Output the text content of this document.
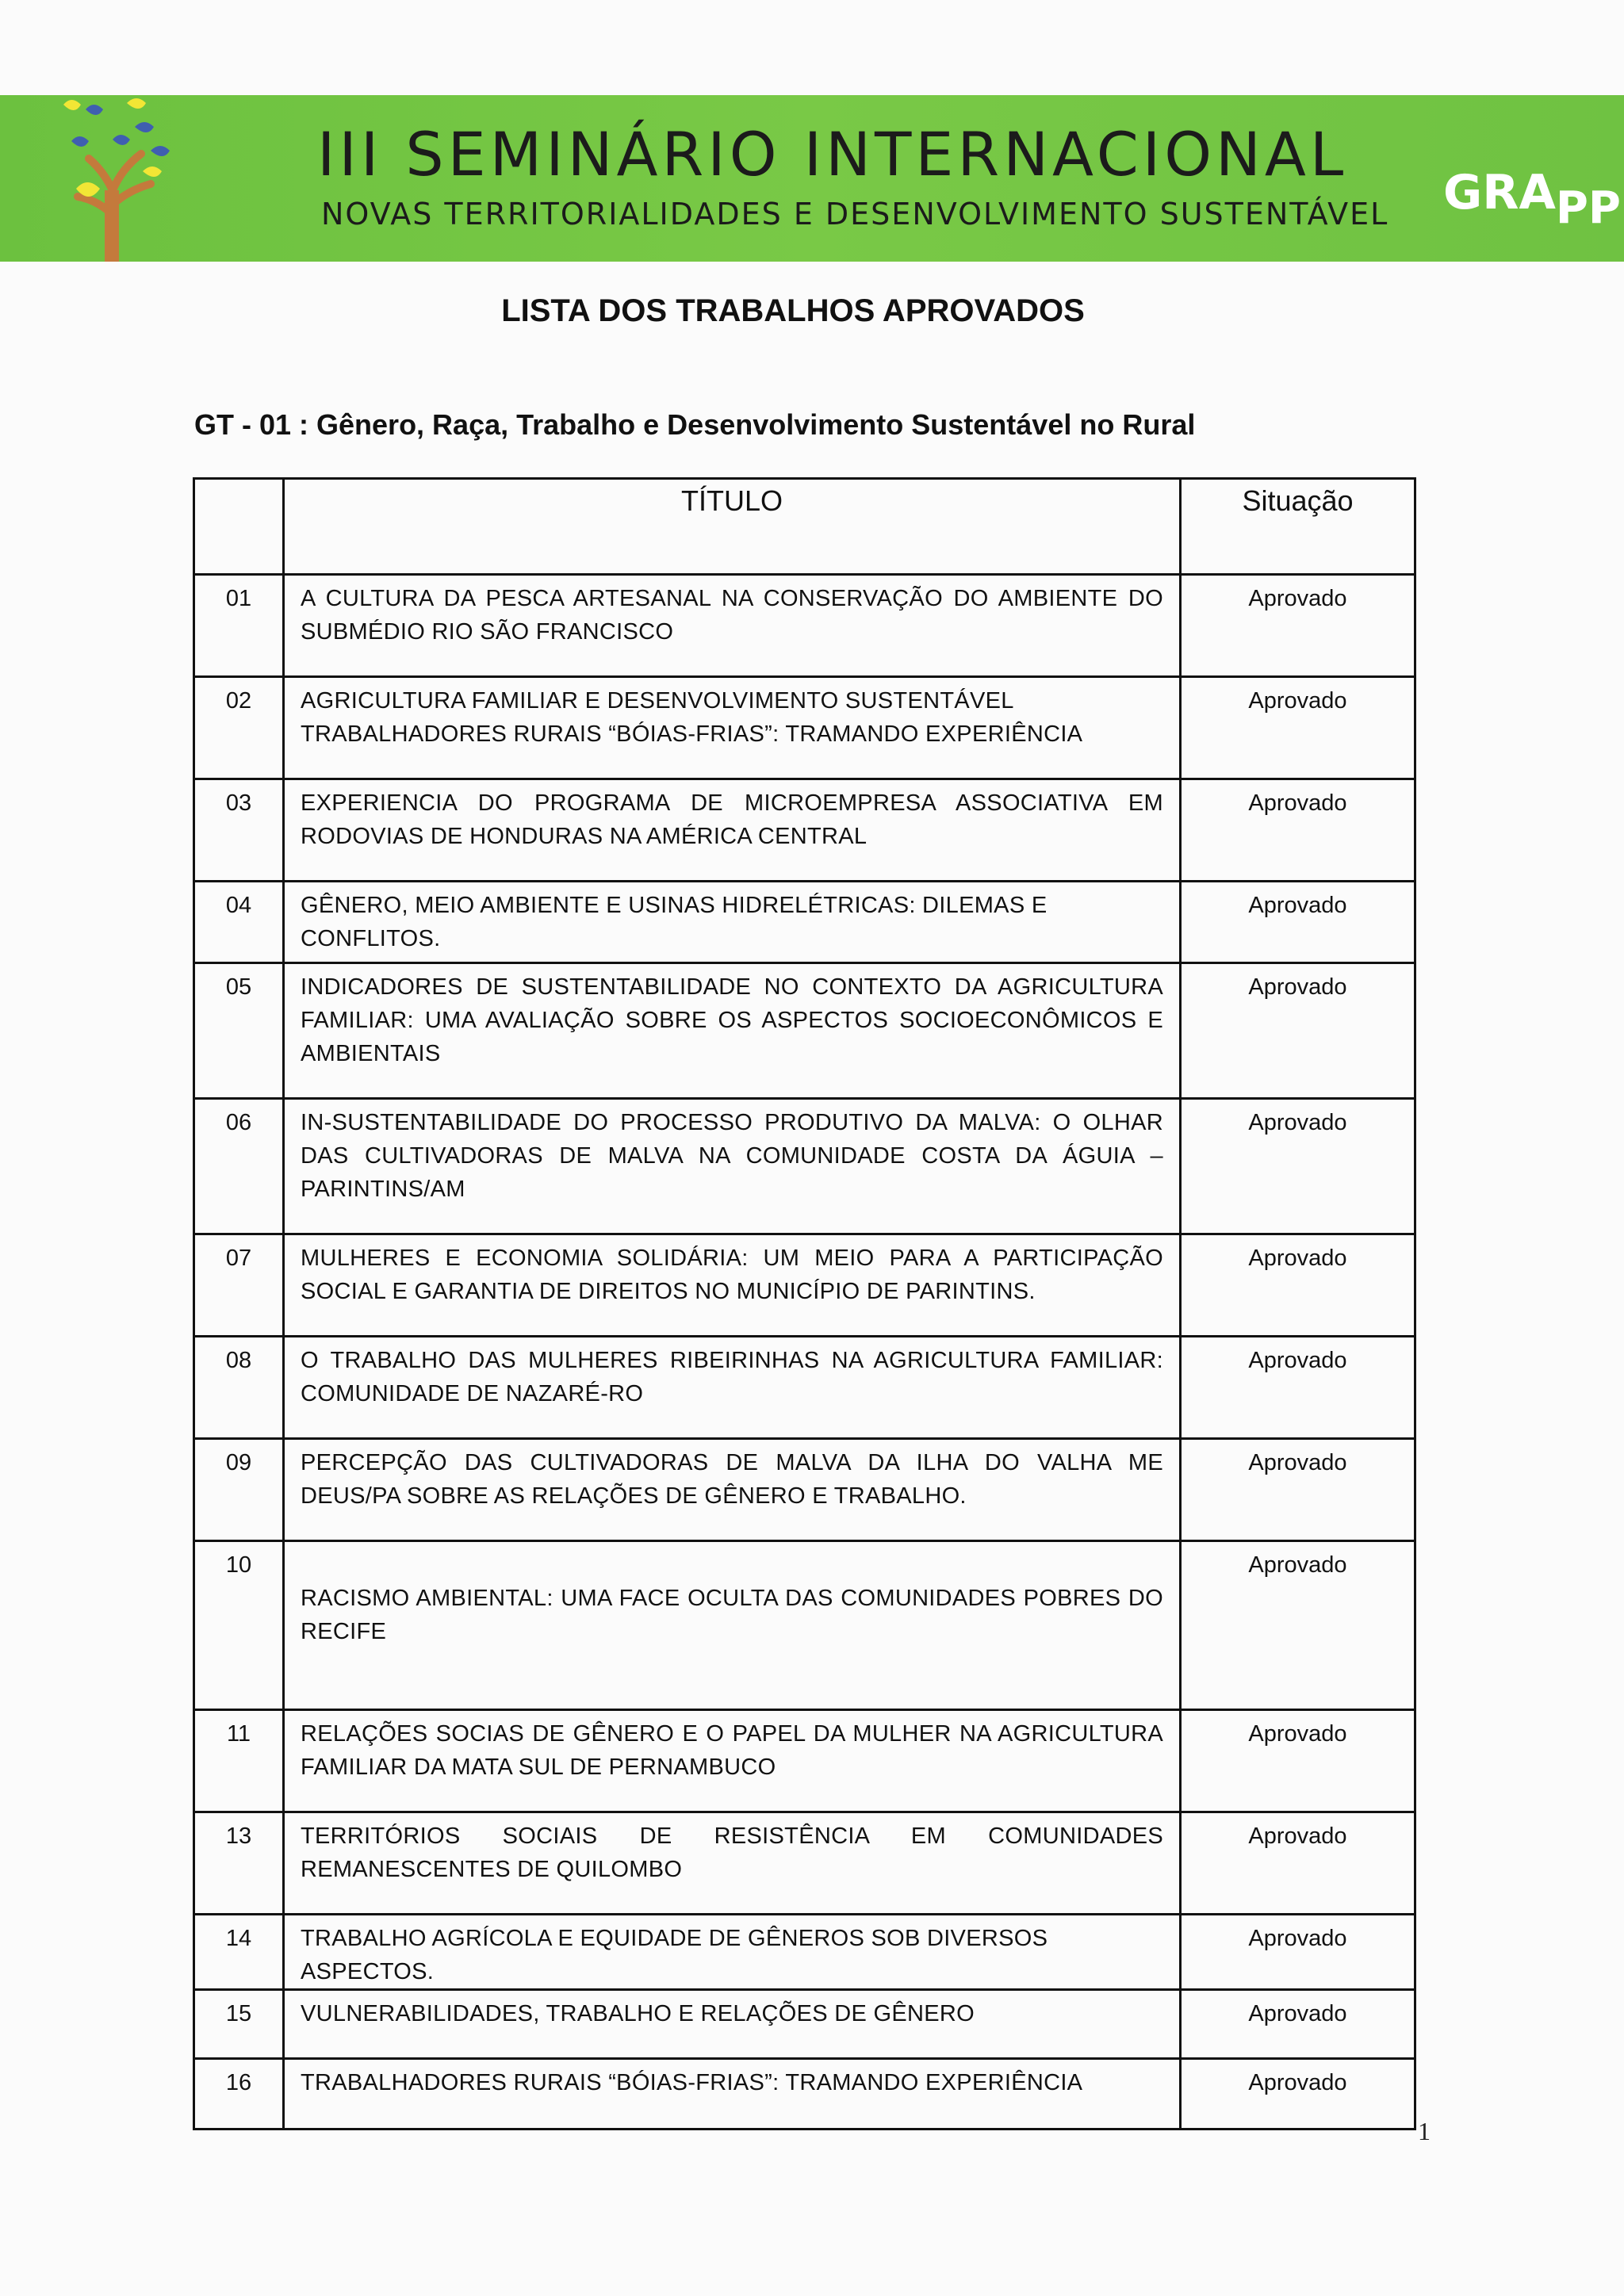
III SEMINÁRIO INTERNACIONAL
NOVAS TERRITORIALIDADES E DESENVOLVIMENTO SUSTENTÁVEL GRAPP
LISTA DOS TRABALHOS APROVADOS
GT - 01 : Gênero, Raça, Trabalho e Desenvolvimento Sustentável no Rural
	TÍTULO	Situação
01	A CULTURA DA PESCA ARTESANAL NA CONSERVAÇÃO DO AMBIENTE DO SUBMÉDIO RIO SÃO FRANCISCO	Aprovado
02	AGRICULTURA FAMILIAR E DESENVOLVIMENTO SUSTENTÁVEL
TRABALHADORES RURAIS “BÓIAS-FRIAS”: TRAMANDO EXPERIÊNCIA	Aprovado
03	EXPERIENCIA DO PROGRAMA DE MICROEMPRESA ASSOCIATIVA EM RODOVIAS DE HONDURAS NA AMÉRICA CENTRAL	Aprovado
04	GÊNERO, MEIO AMBIENTE E USINAS HIDRELÉTRICAS: DILEMAS E CONFLITOS.	Aprovado
05	INDICADORES DE SUSTENTABILIDADE NO CONTEXTO DA AGRICULTURA FAMILIAR: UMA AVALIAÇÃO SOBRE OS ASPECTOS SOCIOECONÔMICOS E AMBIENTAIS	Aprovado
06	IN-SUSTENTABILIDADE DO PROCESSO PRODUTIVO DA MALVA: O OLHAR DAS CULTIVADORAS DE MALVA NA COMUNIDADE COSTA DA ÁGUIA – PARINTINS/AM	Aprovado
07	MULHERES E ECONOMIA SOLIDÁRIA: UM MEIO PARA A PARTICIPAÇÃO SOCIAL E GARANTIA DE DIREITOS NO MUNICÍPIO DE PARINTINS.	Aprovado
08	O TRABALHO DAS MULHERES RIBEIRINHAS NA AGRICULTURA FAMILIAR: COMUNIDADE DE NAZARÉ-RO	Aprovado
09	PERCEPÇÃO DAS CULTIVADORAS DE MALVA DA ILHA DO VALHA ME DEUS/PA SOBRE AS RELAÇÕES DE GÊNERO E TRABALHO.	Aprovado
10	RACISMO AMBIENTAL: UMA FACE OCULTA DAS COMUNIDADES POBRES DO RECIFE	Aprovado
11	RELAÇÕES SOCIAS DE GÊNERO E O PAPEL DA MULHER NA AGRICULTURA FAMILIAR DA MATA SUL DE PERNAMBUCO	Aprovado
13	TERRITÓRIOS SOCIAIS DE RESISTÊNCIA EM COMUNIDADES REMANESCENTES DE QUILOMBO	Aprovado
14	TRABALHO AGRÍCOLA E EQUIDADE DE GÊNEROS SOB DIVERSOS ASPECTOS.	Aprovado
15	VULNERABILIDADES, TRABALHO E RELAÇÕES DE GÊNERO	Aprovado
16	TRABALHADORES RURAIS “BÓIAS-FRIAS”: TRAMANDO EXPERIÊNCIA	Aprovado
1
